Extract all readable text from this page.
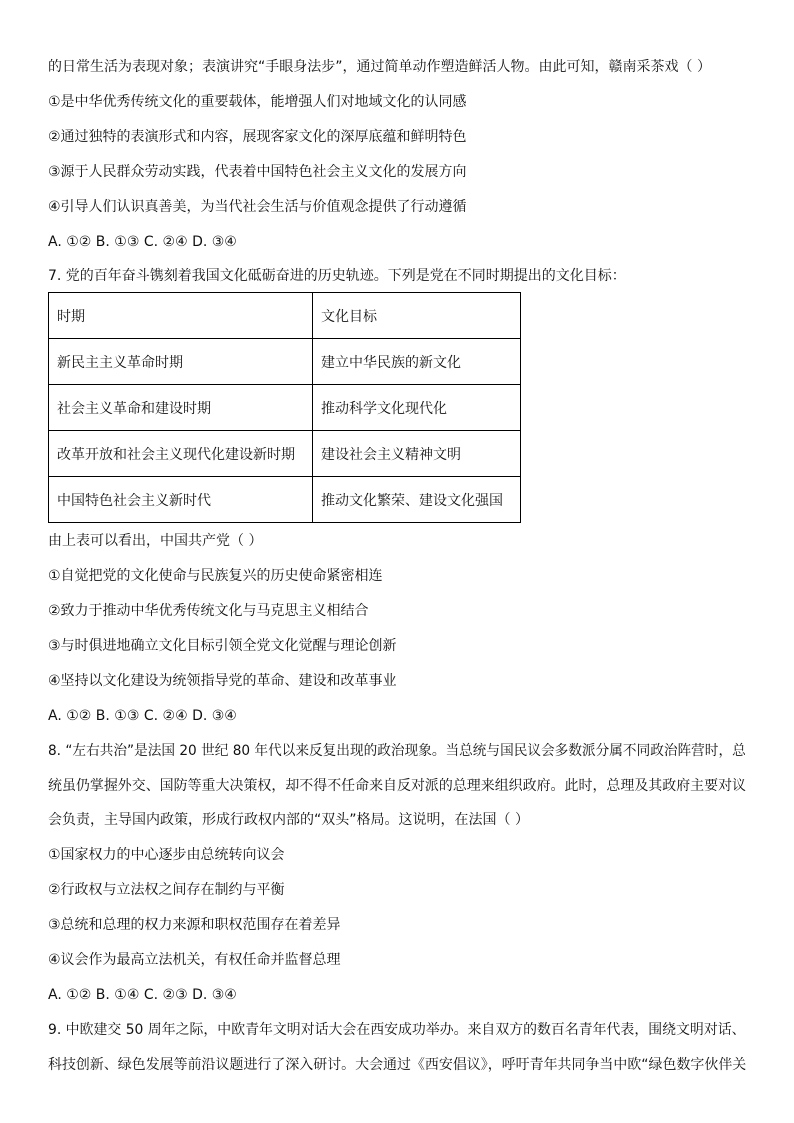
的日常生活为表现对象；表演讲究“手眼身法步”，通过简单动作塑造鲜活人物。由此可知，赣南采茶戏（ ）
①是中华优秀传统文化的重要载体，能增强人们对地域文化的认同感
②通过独特的表演形式和内容，展现客家文化的深厚底蕴和鲜明特色
③源于人民群众劳动实践，代表着中国特色社会主义文化的发展方向
④引导人们认识真善美，为当代社会生活与价值观念提供了行动遵循
A. ①② B. ①③ C. ②④ D. ③④
7. 党的百年奋斗镌刻着我国文化砥砺奋进的历史轨迹。下列是党在不同时期提出的文化目标：
时期	文化目标
新民主主义革命时期	建立中华民族的新文化
社会主义革命和建设时期	推动科学文化现代化
改革开放和社会主义现代化建设新时期	建设社会主义精神文明
中国特色社会主义新时代	推动文化繁荣、建设文化强国
由上表可以看出，中国共产党（ ）
①自觉把党的文化使命与民族复兴的历史使命紧密相连
②致力于推动中华优秀传统文化与马克思主义相结合
③与时俱进地确立文化目标引领全党文化觉醒与理论创新
④坚持以文化建设为统领指导党的革命、建设和改革事业
A. ①② B. ①③ C. ②④ D. ③④
8. “左右共治”是法国 20 世纪 80 年代以来反复出现的政治现象。当总统与国民议会多数派分属不同政治阵营时，总
统虽仍掌握外交、国防等重大决策权，却不得不任命来自反对派的总理来组织政府。此时，总理及其政府主要对议
会负责，主导国内政策，形成行政权内部的“双头”格局。这说明，在法国（ ）
①国家权力的中心逐步由总统转向议会
②行政权与立法权之间存在制约与平衡
③总统和总理的权力来源和职权范围存在着差异
④议会作为最高立法机关，有权任命并监督总理
A. ①② B. ①④ C. ②③ D. ③④
9. 中欧建交 50 周年之际，中欧青年文明对话大会在西安成功举办。来自双方的数百名青年代表，围绕文明对话、
科技创新、绿色发展等前沿议题进行了深入研讨。大会通过《西安倡议》，呼吁青年共同争当中欧“绿色数字伙伴关
